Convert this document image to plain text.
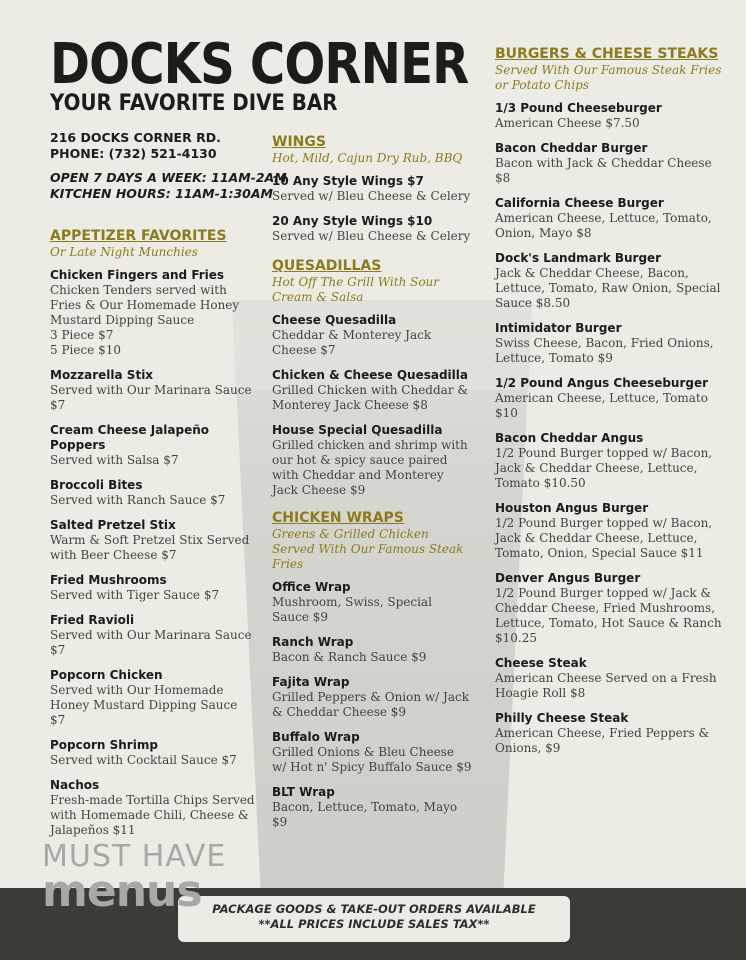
DOCKS CORNER
YOUR FAVORITE DIVE BAR
216 DOCKS CORNER RD.
PHONE: (732) 521-4130
OPEN 7 DAYS A WEEK: 11AM-2AM
KITCHEN HOURS: 11AM-1:30AM
APPETIZER FAVORITES
Or Late Night Munchies
Chicken Fingers and Fries
Chicken Tenders served with Fries & Our Homemade Honey Mustard Dipping Sauce
3 Piece $7
5 Piece $10
Mozzarella Stix
Served with Our Marinara Sauce $7
Cream Cheese Jalapeño Poppers
Served with Salsa $7
Broccoli Bites
Served with Ranch Sauce $7
Salted Pretzel Stix
Warm & Soft Pretzel Stix Served with Beer Cheese $7
Fried Mushrooms
Served with Tiger Sauce $7
Fried Ravioli
Served with Our Marinara Sauce $7
Popcorn Chicken
Served with Our Homemade Honey Mustard Dipping Sauce $7
Popcorn Shrimp
Served with Cocktail Sauce $7
Nachos
Fresh-made Tortilla Chips Served with Homemade Chili, Cheese & Jalapeños $11
WINGS
Hot, Mild, Cajun Dry Rub, BBQ
10 Any Style Wings $7
Served w/ Bleu Cheese & Celery
20 Any Style Wings $10
Served w/ Bleu Cheese & Celery
QUESADILLAS
Hot Off The Grill With Sour Cream & Salsa
Cheese Quesadilla
Cheddar & Monterey Jack Cheese $7
Chicken & Cheese Quesadilla
Grilled Chicken with Cheddar & Monterey Jack Cheese $8
House Special Quesadilla
Grilled chicken and shrimp with our hot & spicy sauce paired with Cheddar and Monterey Jack Cheese $9
CHICKEN WRAPS
Greens & Grilled Chicken Served With Our Famous Steak Fries
Office Wrap
Mushroom, Swiss, Special Sauce $9
Ranch Wrap
Bacon & Ranch Sauce $9
Fajita Wrap
Grilled Peppers & Onion w/ Jack & Cheddar Cheese $9
Buffalo Wrap
Grilled Onions & Bleu Cheese w/ Hot n' Spicy Buffalo Sauce $9
BLT Wrap
Bacon, Lettuce, Tomato, Mayo $9
BURGERS & CHEESE STEAKS
Served With Our Famous Steak Fries or Potato Chips
1/3 Pound Cheeseburger
American Cheese $7.50
Bacon Cheddar Burger
Bacon with Jack & Cheddar Cheese $8
California Cheese Burger
American Cheese, Lettuce, Tomato, Onion, Mayo $8
Dock's Landmark Burger
Jack & Cheddar Cheese, Bacon, Lettuce, Tomato, Raw Onion, Special Sauce $8.50
Intimidator Burger
Swiss Cheese, Bacon, Fried Onions, Lettuce, Tomato $9
1/2 Pound Angus Cheeseburger
American Cheese, Lettuce, Tomato $10
Bacon Cheddar Angus
1/2 Pound Burger topped w/ Bacon, Jack & Cheddar Cheese, Lettuce, Tomato $10.50
Houston Angus Burger
1/2 Pound Burger topped w/ Bacon, Jack & Cheddar Cheese, Lettuce, Tomato, Onion, Special Sauce $11
Denver Angus Burger
1/2 Pound Burger topped w/ Jack & Cheddar Cheese, Fried Mushrooms, Lettuce, Tomato, Hot Sauce & Ranch $10.25
Cheese Steak
American Cheese Served on a Fresh Hoagie Roll $8
Philly Cheese Steak
American Cheese, Fried Peppers & Onions, $9
MUST HAVE
menus PACKAGE GOODS & TAKE-OUT ORDERS AVAILABLE
**ALL PRICES INCLUDE SALES TAX**
